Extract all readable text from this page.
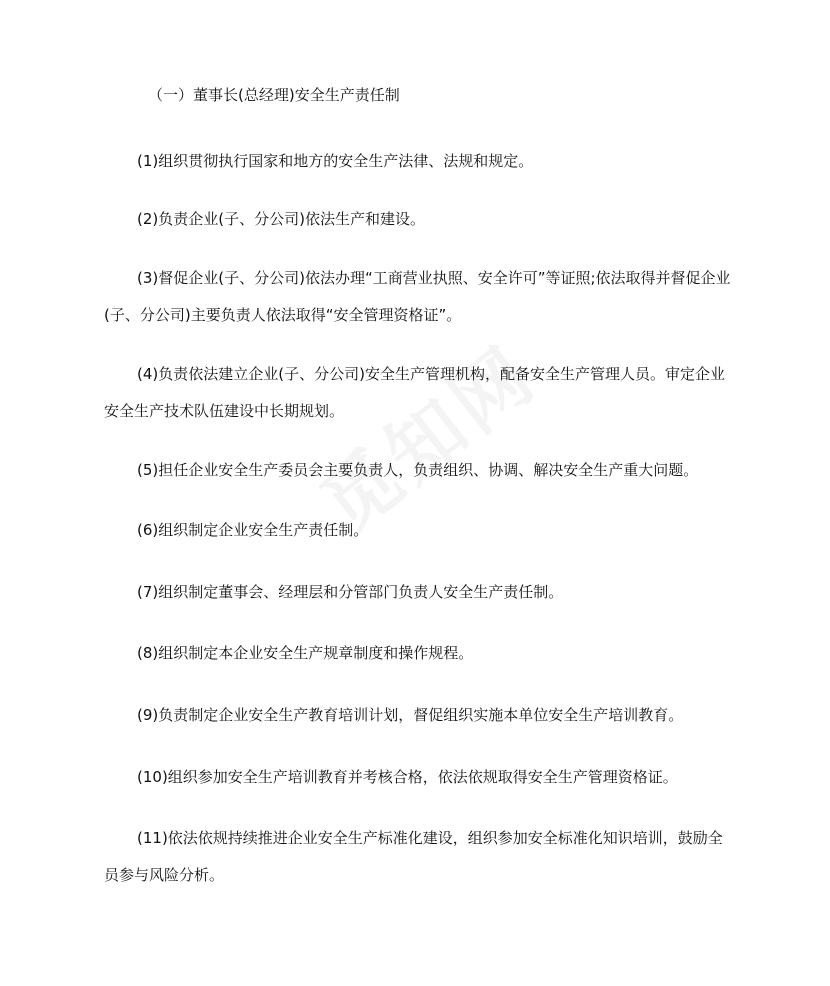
（一）董事长(总经理)安全生产责任制

(1)组织贯彻执行国家和地方的安全生产法律、法规和规定。

(2)负责企业(子、分公司)依法生产和建设。

(3)督促企业(子、分公司)依法办理“工商营业执照、安全许可”等证照;依法取得并督促企业(子、分公司)主要负责人依法取得“安全管理资格证”。

(4)负责依法建立企业(子、分公司)安全生产管理机构，配备安全生产管理人员。审定企业安全生产技术队伍建设中长期规划。

(5)担任企业安全生产委员会主要负责人，负责组织、协调、解决安全生产重大问题。

(6)组织制定企业安全生产责任制。

(7)组织制定董事会、经理层和分管部门负责人安全生产责任制。

(8)组织制定本企业安全生产规章制度和操作规程。

(9)负责制定企业安全生产教育培训计划，督促组织实施本单位安全生产培训教育。

(10)组织参加安全生产培训教育并考核合格，依法依规取得安全生产管理资格证。

(11)依法依规持续推进企业安全生产标准化建设，组织参加安全标准化知识培训，鼓励全员参与风险分析。
